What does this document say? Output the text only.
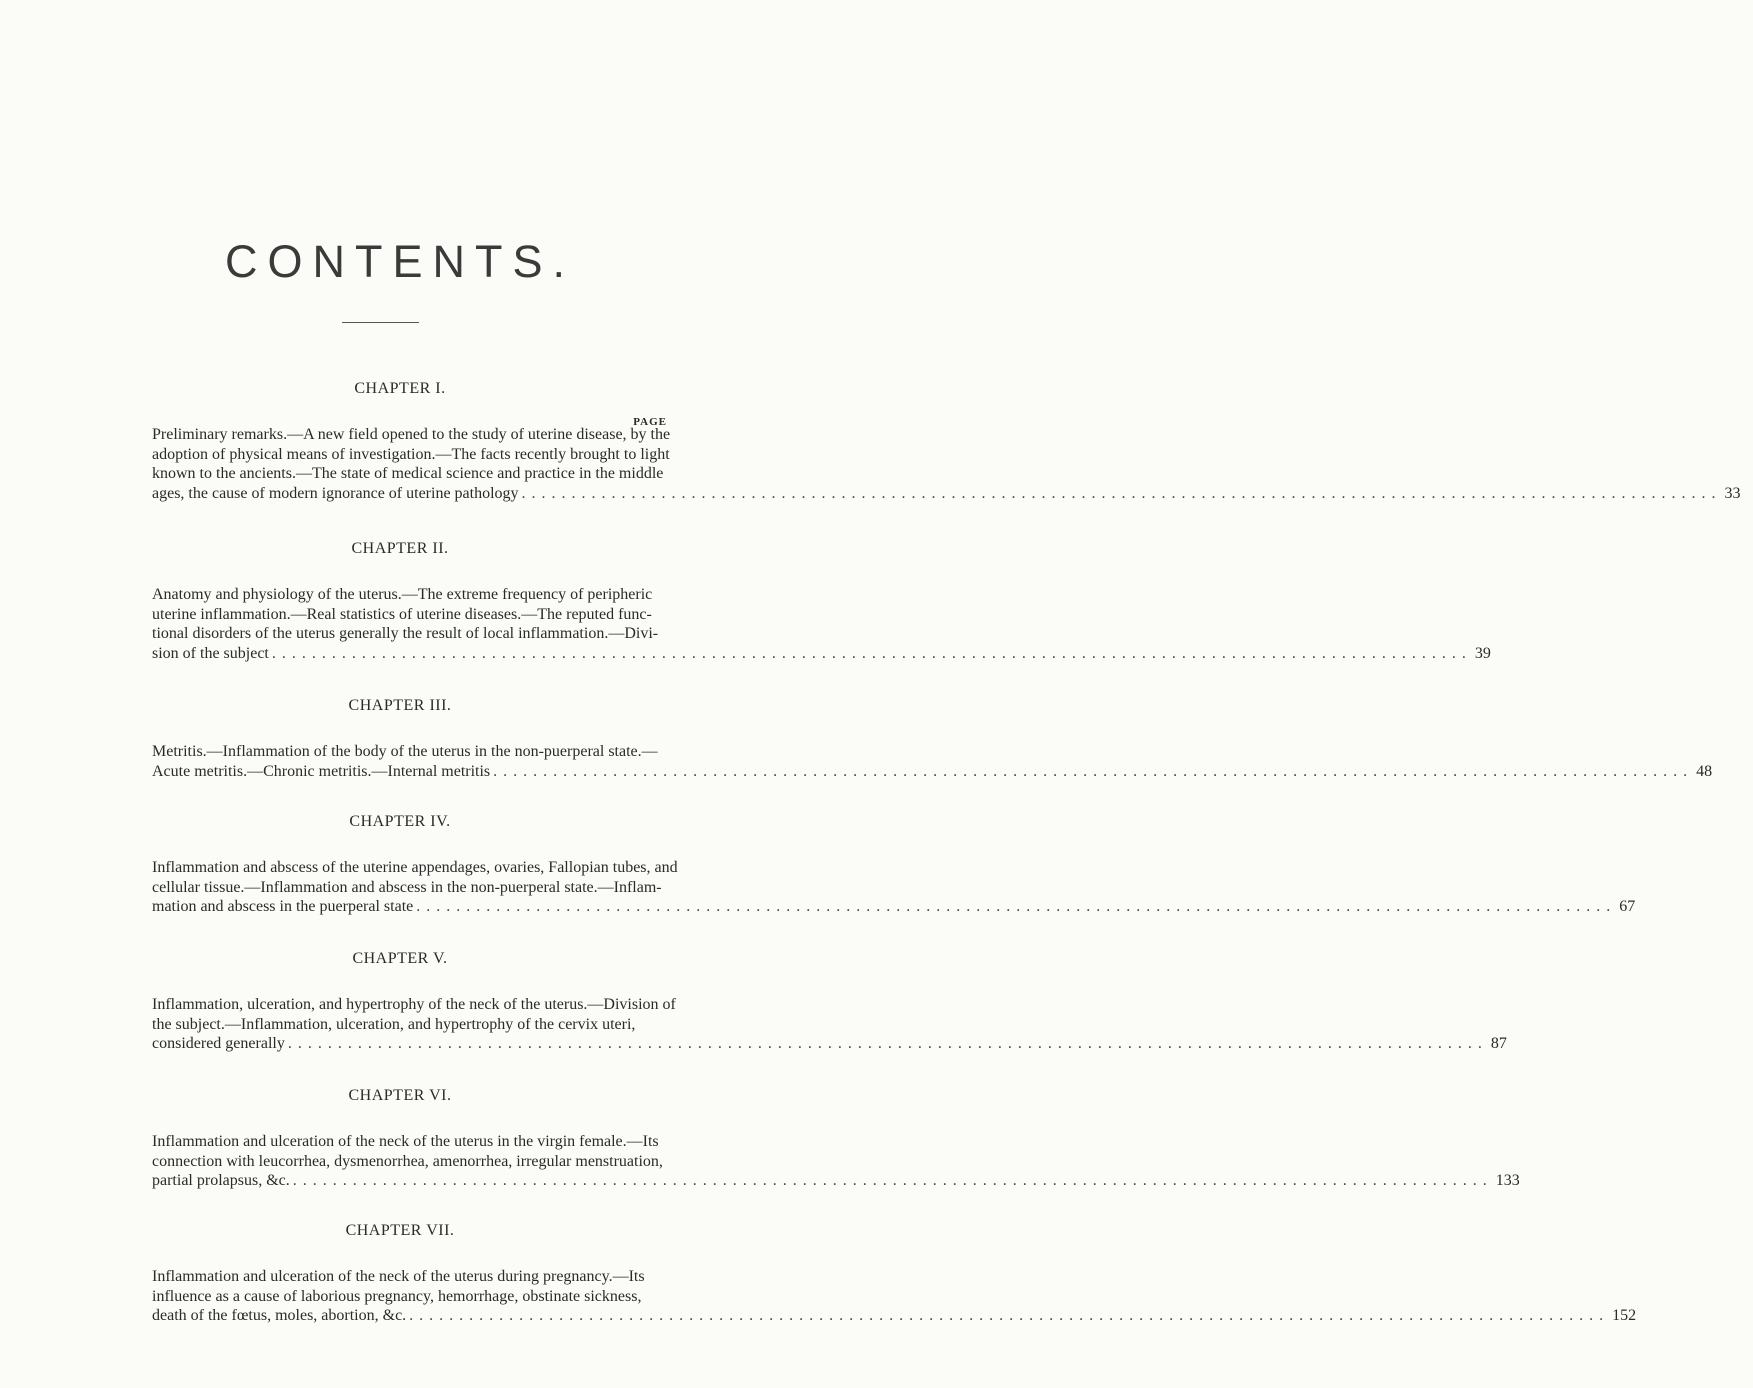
CONTENTS.
PAGE
CHAPTER I.
Preliminary remarks.—A new field opened to the study of uterine disease, by the
adoption of physical means of investigation.—The facts recently brought to light
known to the ancients.—The state of medical science and practice in the middle
ages, the cause of modern ignorance of uterine pathology ........................................................................................................................ 33
CHAPTER II.
Anatomy and physiology of the uterus.—The extreme frequency of peripheric
uterine inflammation.—Real statistics of uterine diseases.—The reputed func-
tional disorders of the uterus generally the result of local inflammation.—Divi-
sion of the subject ........................................................................................................................ 39
CHAPTER III.
Metritis.—Inflammation of the body of the uterus in the non-puerperal state.—
Acute metritis.—Chronic metritis.—Internal metritis ........................................................................................................................ 48
CHAPTER IV.
Inflammation and abscess of the uterine appendages, ovaries, Fallopian tubes, and
cellular tissue.—Inflammation and abscess in the non-puerperal state.—Inflam-
mation and abscess in the puerperal state ........................................................................................................................ 67
CHAPTER V.
Inflammation, ulceration, and hypertrophy of the neck of the uterus.—Division of
the subject.—Inflammation, ulceration, and hypertrophy of the cervix uteri,
considered generally ........................................................................................................................ 87
CHAPTER VI.
Inflammation and ulceration of the neck of the uterus in the virgin female.—Its
connection with leucorrhea, dysmenorrhea, amenorrhea, irregular menstruation,
partial prolapsus, &c. ........................................................................................................................ 133
CHAPTER VII.
Inflammation and ulceration of the neck of the uterus during pregnancy.—Its
influence as a cause of laborious pregnancy, hemorrhage, obstinate sickness,
death of the fœtus, moles, abortion, &c. ........................................................................................................................ 152
